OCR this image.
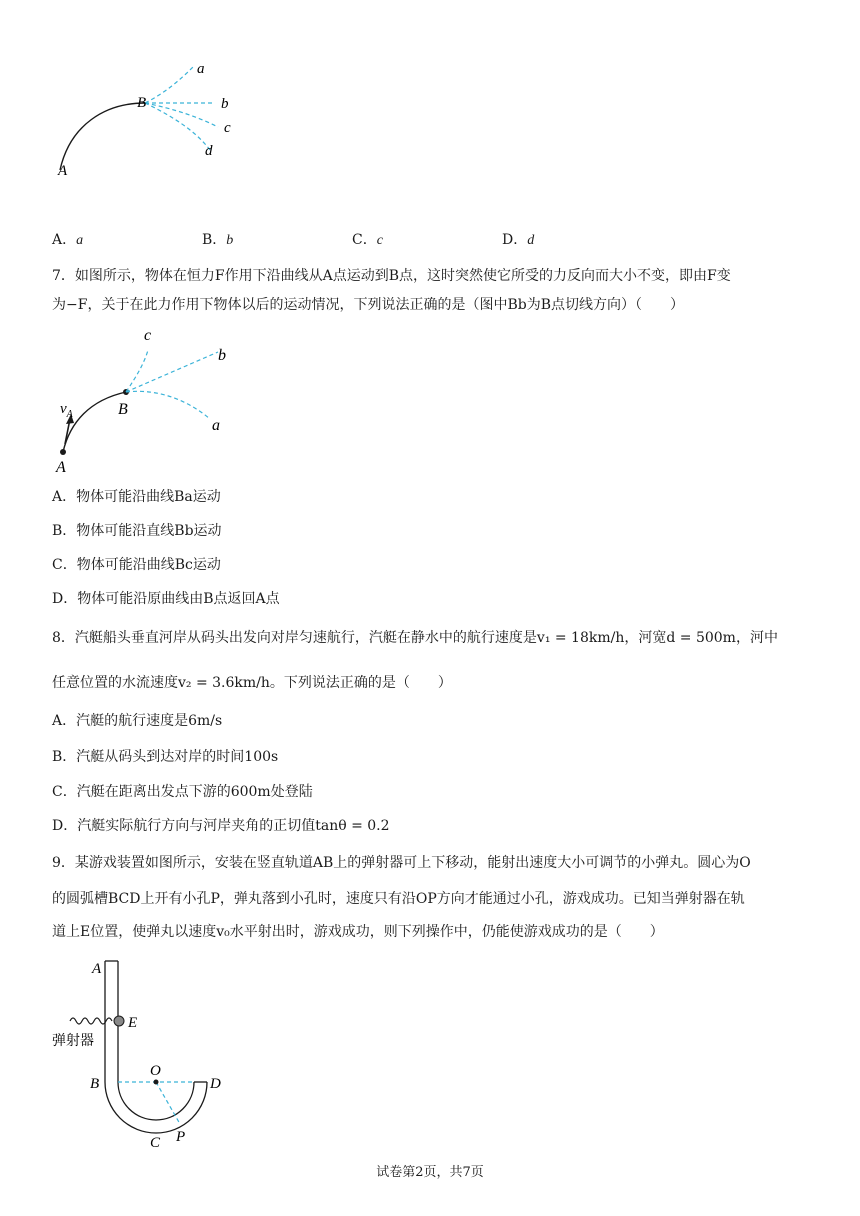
A
B
a
b
c
d
A．a	B．b	C．c	D．d
7．如图所示，物体在恒力F作用下沿曲线从A点运动到B点，这时突然使它所受的力反向而大小不变，即由F变
为−F，关于在此力作用下物体以后的运动情况，下列说法正确的是（图中Bb为B点切线方向）（　　）
A
B
a
b
c
$v_A$
A．物体可能沿曲线Ba运动
B．物体可能沿直线Bb运动
C．物体可能沿曲线Bc运动
D．物体可能沿原曲线由B点返回A点
8．汽艇船头垂直河岸从码头出发向对岸匀速航行，汽艇在静水中的航行速度是v₁ = 18km/h，河宽d = 500m，河中
任意位置的水流速度v₂ = 3.6km/h。下列说法正确的是（　　）
A．汽艇的航行速度是6m/s
B．汽艇从码头到达对岸的时间100s
C．汽艇在距离出发点下游的600m处登陆
D．汽艇实际航行方向与河岸夹角的正切值tanθ = 0.2
9．某游戏装置如图所示，安装在竖直轨道AB上的弹射器可上下移动，能射出速度大小可调节的小弹丸。圆心为O
的圆弧槽BCD上开有小孔P，弹丸落到小孔时，速度只有沿OP方向才能通过小孔，游戏成功。已知当弹射器在轨
道上E位置，使弹丸以速度v₀水平射出时，游戏成功，则下列操作中，仍能使游戏成功的是（　　）
A
E
弹射器
B
O
D
C P
试卷第2页，共7页
